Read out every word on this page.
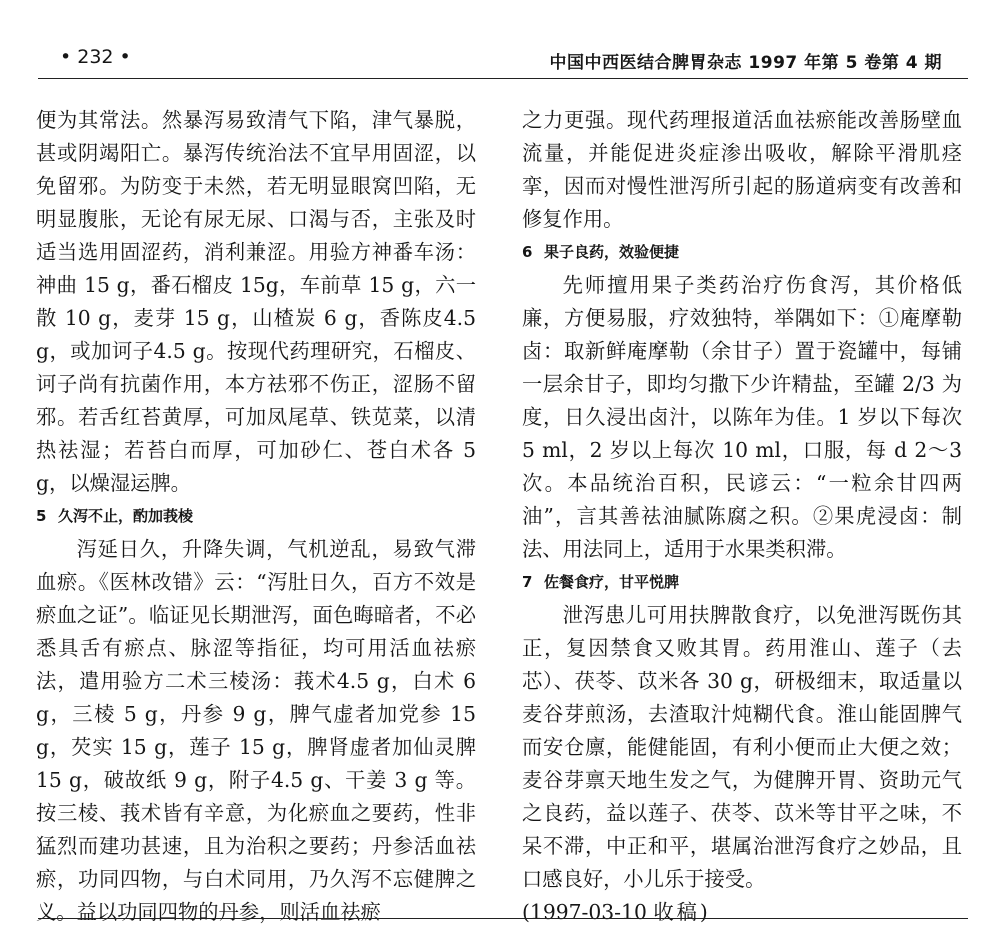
• 232 •	中国中西医结合脾胃杂志 1997 年第 5 卷第 4 期

便为其常法。然暴泻易致清气下陷，津气暴脱，甚或阴竭阳亡。暴泻传统治法不宜早用固涩，以免留邪。为防变于未然，若无明显眼窝凹陷，无明显腹胀，无论有尿无尿、口渴与否，主张及时适当选用固涩药，消利兼涩。用验方神番车汤：神曲 15 g，番石榴皮 15g，车前草 15 g，六一散 10 g，麦芽 15 g，山楂炭 6 g，香陈皮4.5 g，或加诃子4.5 g。按现代药理研究，石榴皮、诃子尚有抗菌作用，本方祛邪不伤正，涩肠不留邪。若舌红苔黄厚，可加凤尾草、铁苋菜，以清热祛湿；若苔白而厚，可加砂仁、苍白术各 5 g，以燥湿运脾。

5 久泻不止，酌加莪棱

泻延日久，升降失调，气机逆乱，易致气滞血瘀。《医林改错》云：“泻肚日久，百方不效是瘀血之证”。临证见长期泄泻，面色晦暗者，不必悉具舌有瘀点、脉涩等指征，均可用活血祛瘀法，遣用验方二术三棱汤：莪术4.5 g，白术 6 g，三棱 5 g，丹参 9 g，脾气虚者加党参 15 g，芡实 15 g，莲子 15 g，脾肾虚者加仙灵脾 15 g，破故纸 9 g，附子4.5 g、干姜 3 g 等。按三棱、莪术皆有辛意，为化瘀血之要药，性非猛烈而建功甚速，且为治积之要药；丹参活血祛瘀，功同四物，与白术同用，乃久泻不忘健脾之义。益以功同四物的丹参，则活血祛瘀

之力更强。现代药理报道活血祛瘀能改善肠壁血流量，并能促进炎症渗出吸收，解除平滑肌痉挛，因而对慢性泄泻所引起的肠道病变有改善和修复作用。

6 果子良药，效验便捷

先师擅用果子类药治疗伤食泻，其价格低廉，方便易服，疗效独特，举隅如下：①庵摩勒卤：取新鲜庵摩勒（余甘子）置于瓷罐中，每铺一层余甘子，即均匀撒下少许精盐，至罐 2/3 为度，日久浸出卤汁，以陈年为佳。1 岁以下每次 5 ml，2 岁以上每次 10 ml，口服，每 d 2～3 次。本品统治百积，民谚云：“一粒余甘四两油”，言其善祛油腻陈腐之积。②果虎浸卤：制法、用法同上，适用于水果类积滞。

7 佐餐食疗，甘平悦脾

泄泻患儿可用扶脾散食疗，以免泄泻既伤其正，复因禁食又败其胃。药用淮山、莲子（去芯）、茯苓、苡米各 30 g，研极细末，取适量以麦谷芽煎汤，去渣取汁炖糊代食。淮山能固脾气而安仓廪，能健能固，有利小便而止大便之效；麦谷芽禀天地生发之气，为健脾开胃、资助元气之良药，益以莲子、茯苓、苡米等甘平之味，不呆不滞，中正和平，堪属治泄泻食疗之妙品，且口感良好，小儿乐于接受。

(1997-03-10 收稿)
